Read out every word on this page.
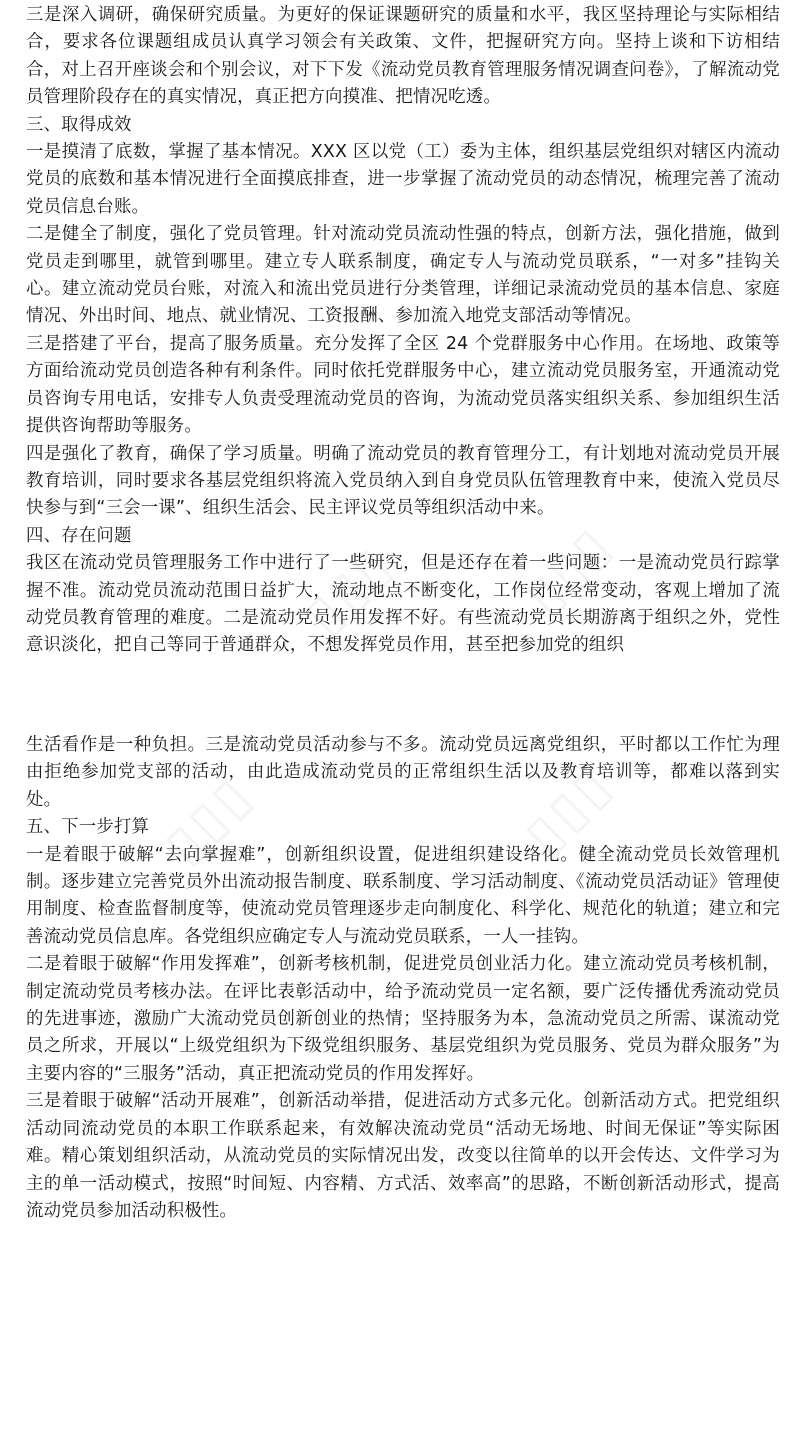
▯▯▯ ▯▯▯

三是深入调研，确保研究质量。为更好的保证课题研究的质量和水平，我区坚持理论与实际相结合，要求各位课题组成员认真学习领会有关政策、文件，把握研究方向。坚持上谈和下访相结合，对上召开座谈会和个别会议，对下下发《流动党员教育管理服务情况调查问卷》，了解流动党员管理阶段存在的真实情况，真正把方向摸准、把情况吃透。

三、取得成效

一是摸清了底数，掌握了基本情况。XXX 区以党（工）委为主体，组织基层党组织对辖区内流动党员的底数和基本情况进行全面摸底排查，进一步掌握了流动党员的动态情况，梳理完善了流动党员信息台账。

二是健全了制度，强化了党员管理。针对流动党员流动性强的特点，创新方法，强化措施，做到党员走到哪里，就管到哪里。建立专人联系制度，确定专人与流动党员联系，“一对多”挂钩关心。建立流动党员台账，对流入和流出党员进行分类管理，详细记录流动党员的基本信息、家庭情况、外出时间、地点、就业情况、工资报酬、参加流入地党支部活动等情况。

三是搭建了平台，提高了服务质量。充分发挥了全区 24 个党群服务中心作用。在场地、政策等方面给流动党员创造各种有利条件。同时依托党群服务中心，建立流动党员服务室，开通流动党员咨询专用电话，安排专人负责受理流动党员的咨询，为流动党员落实组织关系、参加组织生活提供咨询帮助等服务。

四是强化了教育，确保了学习质量。明确了流动党员的教育管理分工，有计划地对流动党员开展教育培训，同时要求各基层党组织将流入党员纳入到自身党员队伍管理教育中来，使流入党员尽快参与到“三会一课”、组织生活会、民主评议党员等组织活动中来。

四、存在问题

我区在流动党员管理服务工作中进行了一些研究，但是还存在着一些问题：一是流动党员行踪掌握不准。流动党员流动范围日益扩大，流动地点不断变化，工作岗位经常变动，客观上增加了流动党员教育管理的难度。二是流动党员作用发挥不好。有些流动党员长期游离于组织之外，党性意识淡化，把自己等同于普通群众，不想发挥党员作用，甚至把参加党的组织

▯▯▯	▯▯▯

生活看作是一种负担。三是流动党员活动参与不多。流动党员远离党组织，平时都以工作忙为理由拒绝参加党支部的活动，由此造成流动党员的正常组织生活以及教育培训等，都难以落到实处。

五、下一步打算

一是着眼于破解“去向掌握难”，创新组织设置，促进组织建设络化。健全流动党员长效管理机制。逐步建立完善党员外出流动报告制度、联系制度、学习活动制度、《流动党员活动证》管理使用制度、检查监督制度等，使流动党员管理逐步走向制度化、科学化、规范化的轨道；建立和完善流动党员信息库。各党组织应确定专人与流动党员联系，一人一挂钩。

二是着眼于破解“作用发挥难”，创新考核机制，促进党员创业活力化。建立流动党员考核机制，制定流动党员考核办法。在评比表彰活动中，给予流动党员一定名额，要广泛传播优秀流动党员的先进事迹，激励广大流动党员创新创业的热情；坚持服务为本，急流动党员之所需、谋流动党员之所求，开展以“上级党组织为下级党组织服务、基层党组织为党员服务、党员为群众服务”为主要内容的“三服务”活动，真正把流动党员的作用发挥好。

三是着眼于破解“活动开展难”，创新活动举措，促进活动方式多元化。创新活动方式。把党组织活动同流动党员的本职工作联系起来，有效解决流动党员“活动无场地、时间无保证”等实际困难。精心策划组织活动，从流动党员的实际情况出发，改变以往简单的以开会传达、文件学习为主的单一活动模式，按照“时间短、内容精、方式活、效率高”的思路，不断创新活动形式，提高流动党员参加活动积极性。
